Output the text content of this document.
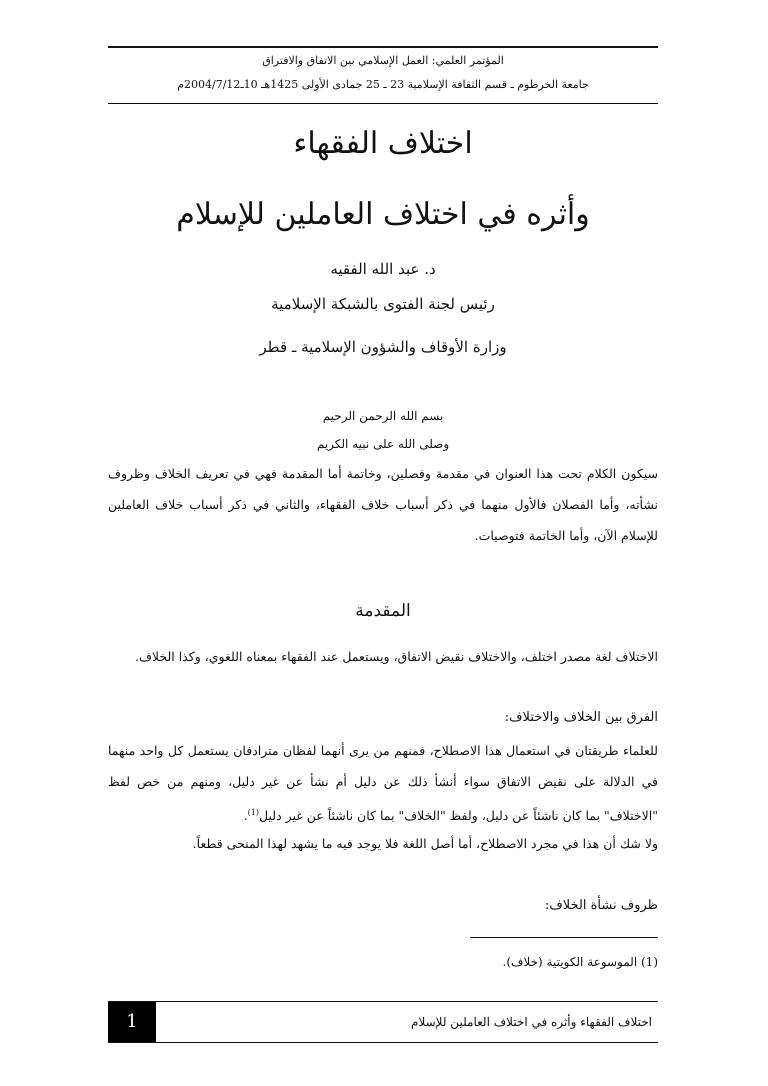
المؤتمر العلمي: العمل الإسلامي بين الاتفاق والافتراق
جامعة الخرطوم ـ قسم الثقافة الإسلامية 23 ـ 25 جمادى الأولى 1425هـ 10ـ2004/7/12م
اختلاف الفقهاء
وأثره في اختلاف العاملين للإسلام
د. عبد الله الفقيه
رئيس لجنة الفتوى بالشبكة الإسلامية
وزارة الأوقاف والشؤون الإسلامية ـ قطر
بسم الله الرحمن الرحيم
وصلى الله على نبيه الكريم

سيكون الكلام تحت هذا العنوان في مقدمة وفصلين، وخاتمة أما المقدمة فهي في تعريف الخلاف وظروف نشأته، وأما الفصلان فالأول منهما في ذكر أسباب خلاف الفقهاء، والثاني في ذكر أسباب خلاف العاملين للإسلام الآن، وأما الخاتمة فتوصيات.

المقدمة

الاختلاف لغة مصدر اختلف، والاختلاف نقيض الاتفاق، ويستعمل عند الفقهاء بمعناه اللغوي، وكذا الخلاف.

الفرق بين الخلاف والاختلاف:

للعلماء طريقتان في استعمال هذا الاصطلاح، فمنهم من يرى أنهما لفظان مترادفان يستعمل كل واحد منهما في الدلالة على نقيض الاتفاق سواء أنشأ ذلك عن دليل أم نشأ عن غير دليل، ومنهم من خص لفظ "الاختلاف" بما كان ناشئاً عن دليل، ولفظ "الخلاف" بما كان ناشئاً عن غير دليل$^{(1)}$.

ولا شك أن هذا في مجرد الاصطلاح، أما أصل اللغة فلا يوجد فيه ما يشهد لهذا المنحى قطعاً.

ظروف نشأة الخلاف:
(1) الموسوعة الكويتية (خلاف).
اختلاف الفقهاء وأثره في اختلاف العاملين للإسلام
1
